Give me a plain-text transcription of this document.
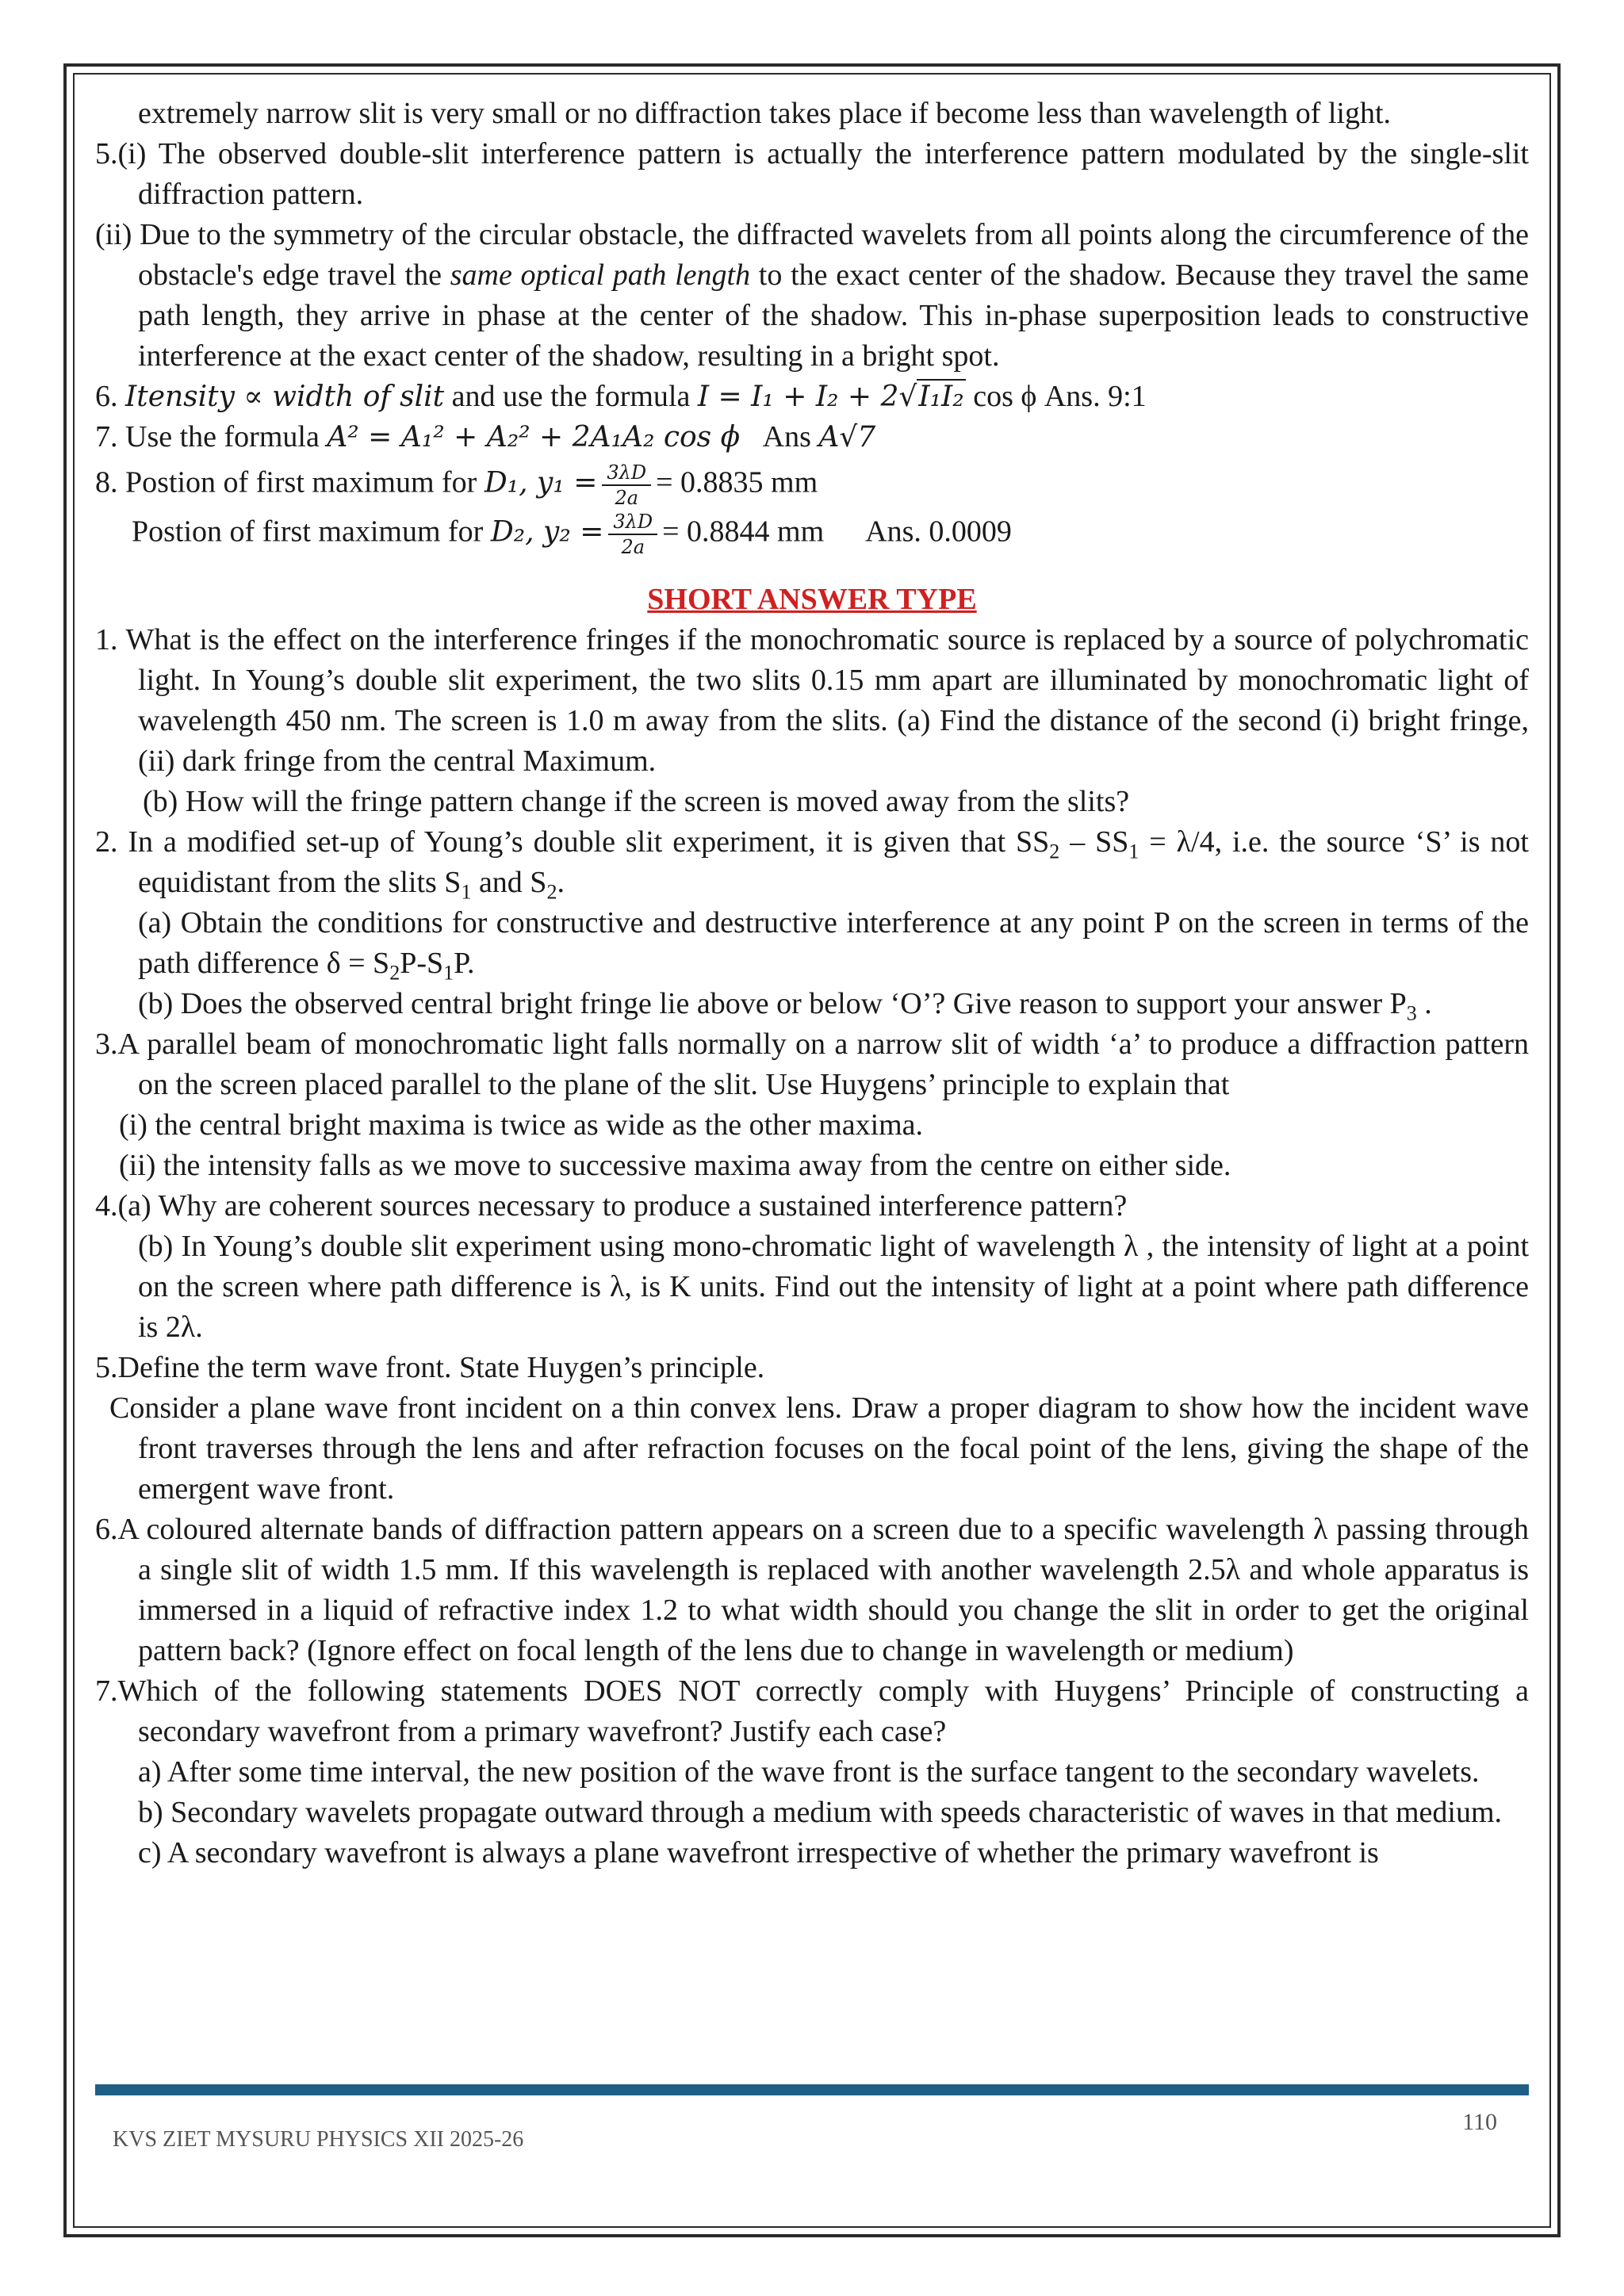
extremely narrow slit is very small or no diffraction takes place if become less than wavelength of light.

5.(i) The observed double-slit interference pattern is actually the interference pattern modulated by the single-slit diffraction pattern.

(ii) Due to the symmetry of the circular obstacle, the diffracted wavelets from all points along the circumference of the obstacle's edge travel the same optical path length to the exact center of the shadow. Because they travel the same path length, they arrive in phase at the center of the shadow. This in-phase superposition leads to constructive interference at the exact center of the shadow, resulting in a bright spot.

6. Itensity ∝ width of slit and use the formula I = I₁ + I₂ + 2√I₁I₂ cos ϕ Ans. 9:1

7. Use the formula A² = A₁² + A₂² + 2A₁A₂ cos ϕ   Ans A√7

8. Postion of first maximum for D₁, $y_1 = \frac{3\lambda D}{2a} = 0.8835$ mm

Postion of first maximum for D₂, $y_2 = \frac{3\lambda D}{2a} = 0.8844$ mm Ans. 0.0009

SHORT ANSWER TYPE

1. What is the effect on the interference fringes if the monochromatic source is replaced by a source of polychromatic light. In Young’s double slit experiment, the two slits 0.15 mm apart are illuminated by monochromatic light of wavelength 450 nm. The screen is 1.0 m away from the slits. (a) Find the distance of the second (i) bright fringe, (ii) dark fringe from the central Maximum.

(b) How will the fringe pattern change if the screen is moved away from the slits?

2. In a modified set-up of Young’s double slit experiment, it is given that $SS_2 - SS_1 = \lambda/4$, i.e. the source ‘S’ is not equidistant from the slits $S_1$ and $S_2$.

(a) Obtain the conditions for constructive and destructive interference at any point P on the screen in terms of the path difference $\delta = S_2P-S_1P$.

(b) Does the observed central bright fringe lie above or below ‘O’? Give reason to support your answer $P_3$ .

3.A parallel beam of monochromatic light falls normally on a narrow slit of width ‘a’ to produce a diffraction pattern on the screen placed parallel to the plane of the slit. Use Huygens’ principle to explain that

(i) the central bright maxima is twice as wide as the other maxima.

(ii) the intensity falls as we move to successive maxima away from the centre on either side.

4.(a) Why are coherent sources necessary to produce a sustained interference pattern?

(b) In Young’s double slit experiment using mono-chromatic light of wavelength λ , the intensity of light at a point on the screen where path difference is λ, is K units. Find out the intensity of light at a point where path difference is 2λ.

5.Define the term wave front. State Huygen’s principle.

Consider a plane wave front incident on a thin convex lens. Draw a proper diagram to show how the incident wave front traverses through the lens and after refraction focuses on the focal point of the lens, giving the shape of the emergent wave front.

6.A coloured alternate bands of diffraction pattern appears on a screen due to a specific wavelength λ passing through a single slit of width 1.5 mm. If this wavelength is replaced with another wavelength 2.5λ and whole apparatus is immersed in a liquid of refractive index 1.2 to what width should you change the slit in order to get the original pattern back? (Ignore effect on focal length of the lens due to change in wavelength or medium)

7.Which of the following statements DOES NOT correctly comply with Huygens’ Principle of constructing a secondary wavefront from a primary wavefront? Justify each case?

a) After some time interval, the new position of the wave front is the surface tangent to the secondary wavelets.

b) Secondary wavelets propagate outward through a medium with speeds characteristic of waves in that medium.

c) A secondary wavefront is always a plane wavefront irrespective of whether the primary wavefront is

KVS ZIET MYSURU PHYSICS XII 2025-26
110
